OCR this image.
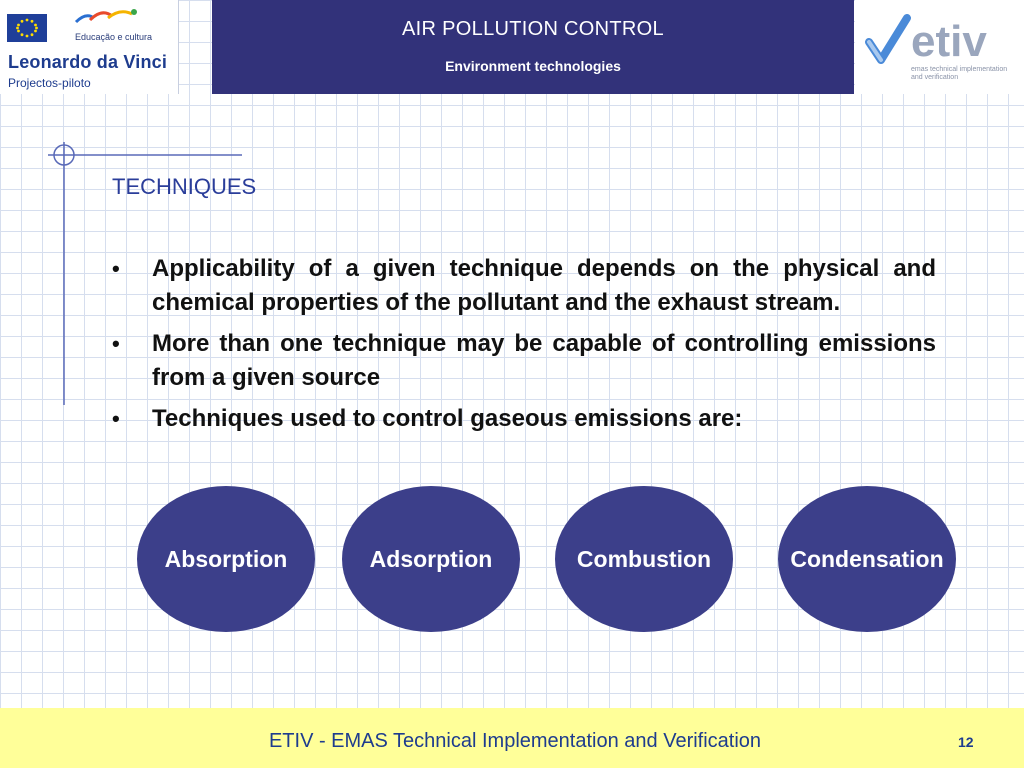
Educação e cultura
Leonardo da Vinci
Projectos-piloto
AIR POLLUTION CONTROL
Environment technologies	etiv
emas technical implementation
and verification
TECHNIQUES
• Applicability of a given technique depends on the physical and chemical properties of the pollutant and the exhaust stream.
• More than one technique may be capable of controlling emissions from a given source
• Techniques used to control gaseous emissions are:
Absorption	Adsorption	Combustion	Condensation
ETIV - EMAS Technical Implementation and Verification	12
